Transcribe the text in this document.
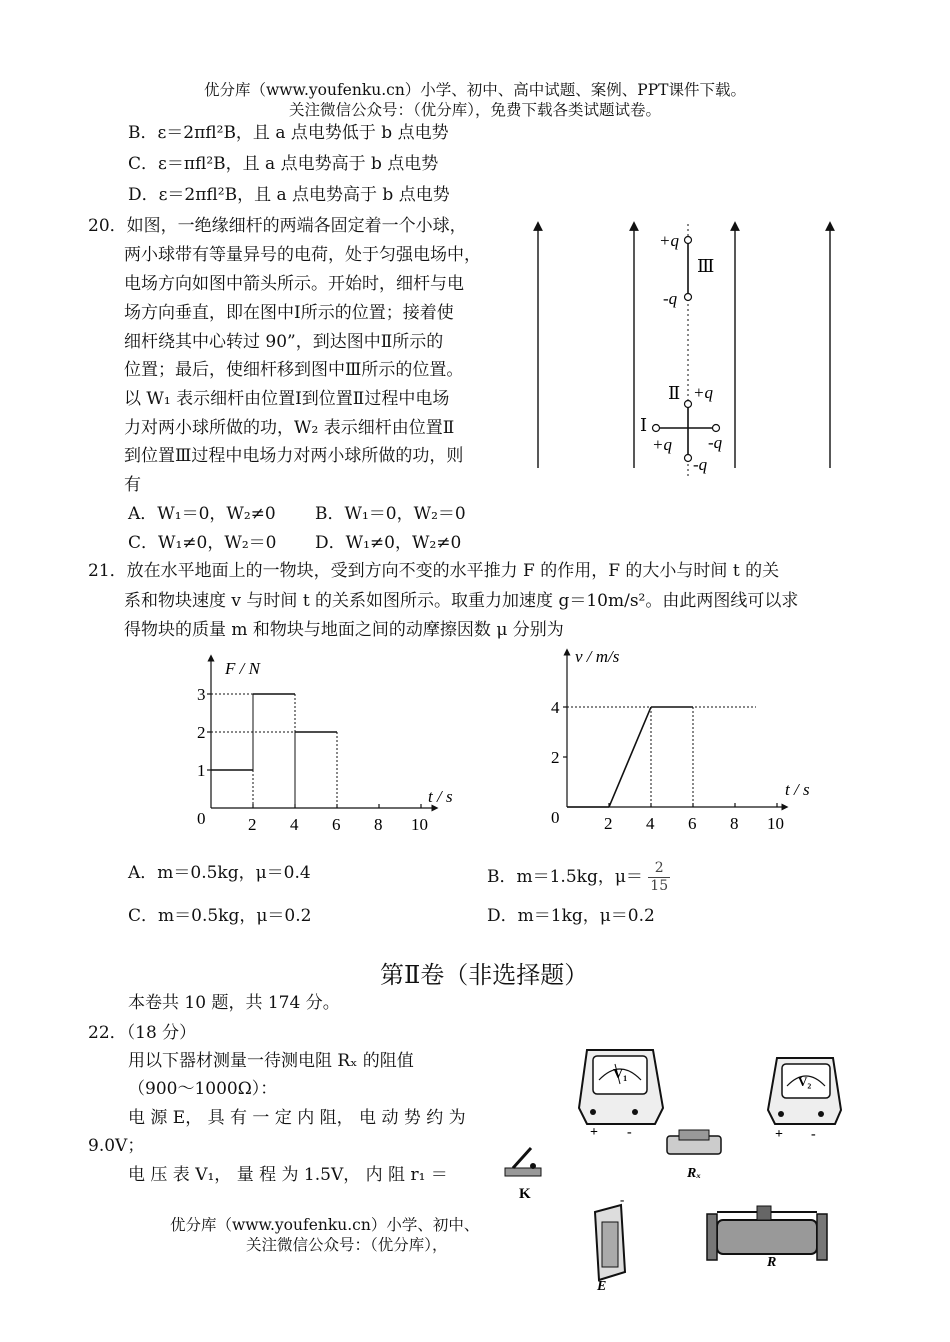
优分库（www.youfenku.cn）小学、初中、高中试题、案例、PPT课件下载。
关注微信公众号：（优分库），免费下载各类试题试卷。
B．ε＝2πfl²B，且 a 点电势低于 b 点电势
C．ε＝πfl²B，且 a 点电势高于 b 点电势
D．ε＝2πfl²B，且 a 点电势高于 b 点电势
20．如图，一绝缘细杆的两端各固定着一个小球，
两小球带有等量异号的电荷，处于匀强电场中，
电场方向如图中箭头所示。开始时，细杆与电
场方向垂直，即在图中Ⅰ所示的位置；接着使
细杆绕其中心转过 90”，到达图中Ⅱ所示的
位置；最后，使细杆移到图中Ⅲ所示的位置。
以 W₁ 表示细杆由位置Ⅰ到位置Ⅱ过程中电场
力对两小球所做的功，W₂ 表示细杆由位置Ⅱ
到位置Ⅲ过程中电场力对两小球所做的功，则
有
A．W₁＝0，W₂≠0 B．W₁＝0，W₂＝0
C．W₁≠0，W₂＝0 D．W₁≠0，W₂≠0
+q
-q
Ⅲ
Ⅱ +q
-q
Ⅰ
+q -q
21．放在水平地面上的一物块，受到方向不变的水平推力 F 的作用，F 的大小与时间 t 的关
系和物块速度 v 与时间 t 的关系如图所示。取重力加速度 g＝10m/s²。由此两图线可以求
得物块的质量 m 和物块与地面之间的动摩擦因数 μ 分别为
2 4 6 8 10
0
1
2
3
F / N
t / s
2 4 6 8 10
0
2
4
v / m/s
t / s
A．m＝0.5kg，μ＝0.4	B．m＝1.5kg，$\mu= \frac{2}{15}$
C．m＝0.5kg，μ＝0.2	D．m＝1kg，μ＝0.2
第Ⅱ卷（非选择题）
本卷共 10 题，共 174 分。
22．（18 分）
用以下器材测量一待测电阻 Rₓ 的阻值
（900～1000Ω）：
电 源 E， 具 有 一 定 内 阻， 电 动 势 约 为
9.0V；
电 压 表 V₁， 量 程 为 1.5V， 内 阻 r₁ ＝
V₁
+ -
V₂
+ -
Rₓ
K	-
E
R
优分库（www.youfenku.cn）小学、初中、
关注微信公众号：（优分库），
